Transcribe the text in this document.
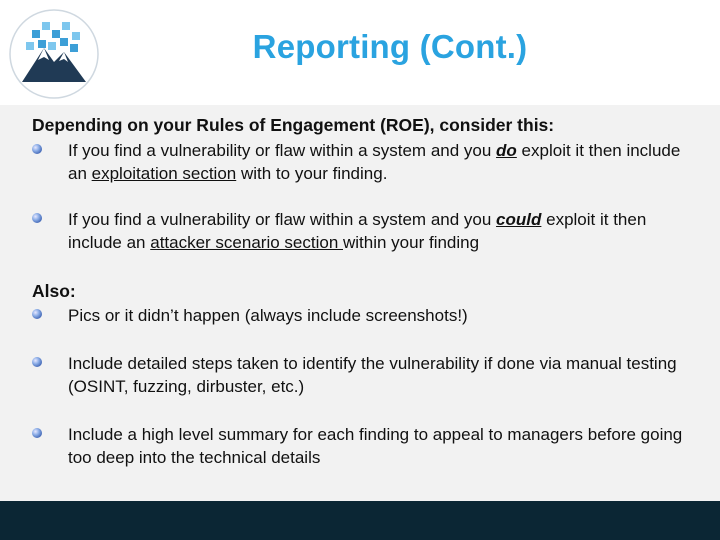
Reporting (Cont.)
Depending on your Rules of Engagement (ROE), consider this:
If you find a vulnerability or flaw within a system and you do exploit it then include an exploitation section with to your finding.
If you find a vulnerability or flaw within a system and you could exploit it then include an attacker scenario section within your finding
Also:
Pics or it didn’t happen (always include screenshots!)
Include detailed steps taken to identify the vulnerability if done via manual testing (OSINT, fuzzing, dirbuster, etc.)
Include a high level summary for each finding to appeal to managers before going too deep into the technical details
